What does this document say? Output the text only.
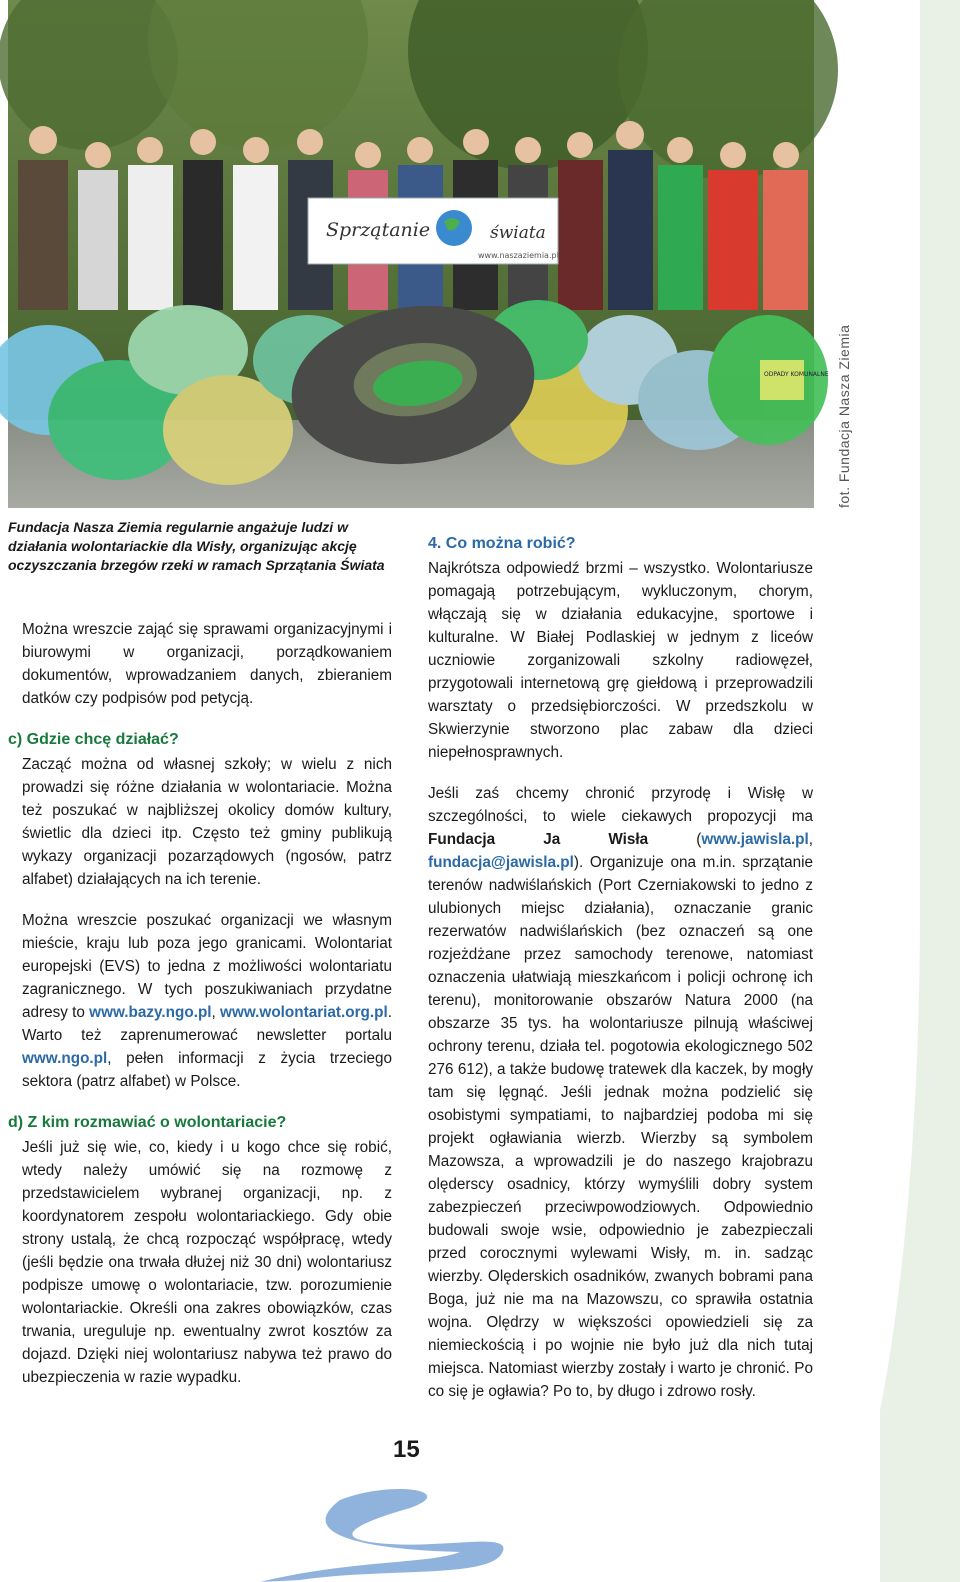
Sprzątanie	świata
www.naszaziemia.pl
ODPADY KOMUNALNE fot. Fundacja Nasza Ziemia
Fundacja Nasza Ziemia regularnie angażuje ludzi w działania wolontariackie dla Wisły, organizując akcję oczyszczania brzegów rzeki w ramach Sprzątania Świata

Można wreszcie zająć się sprawami organizacyjnymi i biurowymi w organizacji, porządkowaniem dokumentów, wprowadzaniem danych, zbieraniem datków czy podpisów pod petycją.

c) Gdzie chcę działać?

Zacząć można od własnej szkoły; w wielu z nich prowadzi się różne działania w wolontariacie. Można też poszukać w najbliższej okolicy domów kultury, świetlic dla dzieci itp. Często też gminy publikują wykazy organizacji pozarządowych (ngosów, patrz alfabet) działających na ich terenie.

Można wreszcie poszukać organizacji we własnym mieście, kraju lub poza jego granicami. Wolontariat europejski (EVS) to jedna z możliwości wolontariatu zagranicznego. W tych poszukiwaniach przydatne adresy to www.bazy.ngo.pl, www.wolontariat.org.pl. Warto też zaprenumerować newsletter portalu www.ngo.pl, pełen informacji z życia trzeciego sektora (patrz alfabet) w Polsce.

d) Z kim rozmawiać o wolontariacie?

Jeśli już się wie, co, kiedy i u kogo chce się robić, wtedy należy umówić się na rozmowę z przedstawicielem wybranej organizacji, np. z koordynatorem zespołu wolontariackiego. Gdy obie strony ustalą, że chcą rozpocząć współpracę, wtedy (jeśli będzie ona trwała dłużej niż 30 dni) wolontariusz podpisze umowę o wolontariacie, tzw. porozumienie wolontariackie. Określi ona zakres obowiązków, czas trwania, ureguluje np. ewentualny zwrot kosztów za dojazd. Dzięki niej wolontariusz nabywa też prawo do ubezpieczenia w razie wypadku.

4. Co można robić?

Najkrótsza odpowiedź brzmi – wszystko. Wolontariusze pomagają potrzebującym, wykluczonym, chorym, włączają się w działania edukacyjne, sportowe i kulturalne. W Białej Podlaskiej w jednym z liceów uczniowie zorganizowali szkolny radiowęzeł, przygotowali internetową grę giełdową i przeprowadzili warsztaty o przedsiębiorczości. W przedszkolu w Skwierzynie stworzono plac zabaw dla dzieci niepełnosprawnych.

Jeśli zaś chcemy chronić przyrodę i Wisłę w szczególności, to wiele ciekawych propozycji ma Fundacja Ja Wisła (www.jawisla.pl, fundacja@jawisla.pl). Organizuje ona m.in. sprzątanie terenów nadwiślańskich (Port Czerniakowski to jedno z ulubionych miejsc działania), oznaczanie granic rezerwatów nadwiślańskich (bez oznaczeń są one rozjeżdżane przez samochody terenowe, natomiast oznaczenia ułatwiają mieszkańcom i policji ochronę ich terenu), monitorowanie obszarów Natura 2000 (na obszarze 35 tys. ha wolontariusze pilnują właściwej ochrony terenu, działa tel. pogotowia ekologicznego 502 276 612), a także budowę tratewek dla kaczek, by mogły tam się lęgnąć. Jeśli jednak można podzielić się osobistymi sympatiami, to najbardziej podoba mi się projekt ogławiania wierzb. Wierzby są symbolem Mazowsza, a wprowadzili je do naszego krajobrazu olęderscy osadnicy, którzy wymyślili dobry system zabezpieczeń przeciwpowodziowych. Odpowiednio budowali swoje wsie, odpowiednio je zabezpieczali przed corocznymi wylewami Wisły, m. in. sadząc wierzby. Olęderskich osadników, zwanych bobrami pana Boga, już nie ma na Mazowszu, co sprawiła ostatnia wojna. Olędrzy w większości opowiedzieli się za niemieckością i po wojnie nie było już dla nich tutaj miejsca. Natomiast wierzby zostały i warto je chronić. Po co się je ogławia? Po to, by długo i zdrowo rosły.

15
